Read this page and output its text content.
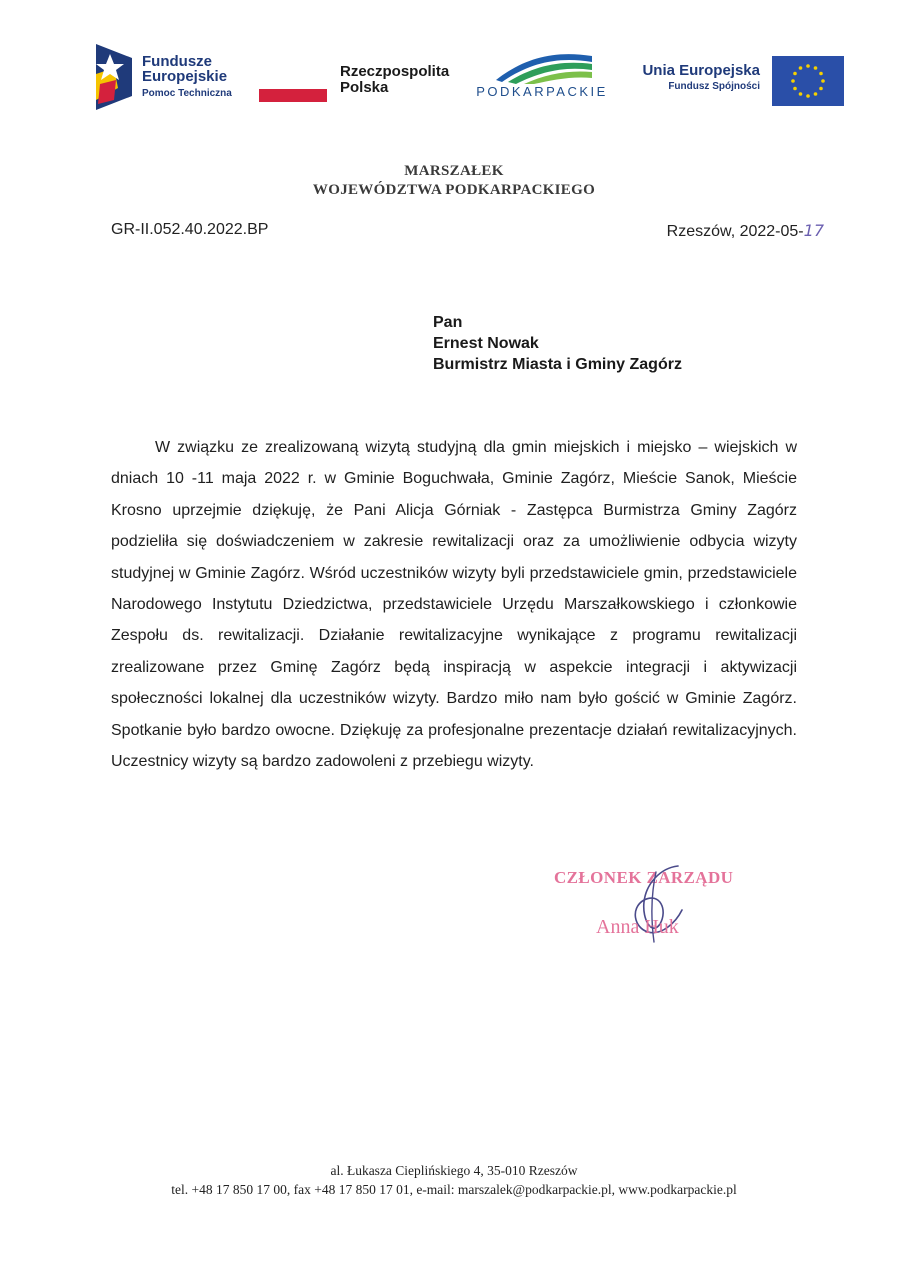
Fundusze
Europejskie
Pomoc Techniczna
Rzeczpospolita
Polska	PODKARPACKIE
Unia Europejska
Fundusz Spójności
MARSZAŁEK
WOJEWÓDZTWA PODKARPACKIEGO
GR-II.052.40.2022.BP	Rzeszów, 2022-05-17
Pan
Ernest Nowak
Burmistrz Miasta i Gminy Zagórz

W związku ze zrealizowaną wizytą studyjną dla gmin miejskich i miejsko – wiejskich w dniach 10 -11 maja 2022 r. w Gminie Boguchwała, Gminie Zagórz, Mieście Sanok, Mieście Krosno uprzejmie dziękuję, że Pani Alicja Górniak - Zastępca Burmistrza Gminy Zagórz podzieliła się doświadczeniem w zakresie rewitalizacji oraz za umożliwienie odbycia wizyty studyjnej w Gminie Zagórz. Wśród uczestników wizyty byli przedstawiciele gmin, przedstawiciele Narodowego Instytutu Dziedzictwa, przedstawiciele Urzędu Marszałkowskiego i członkowie Zespołu ds. rewitalizacji. Działanie rewitalizacyjne wynikające z programu rewitalizacji zrealizowane przez Gminę Zagórz będą inspiracją w aspekcie integracji i aktywizacji społeczności lokalnej dla uczestników wizyty. Bardzo miło nam było gościć w Gminie Zagórz. Spotkanie było bardzo owocne. Dziękuję za profesjonalne prezentacje działań rewitalizacyjnych. Uczestnicy wizyty są bardzo zadowoleni z przebiegu wizyty.

CZŁONEK ZARZĄDU
Anna Huk
al. Łukasza Cieplińskiego 4, 35-010 Rzeszów
tel. +48 17 850 17 00, fax +48 17 850 17 01, e-mail: marszalek@podkarpackie.pl, www.podkarpackie.pl
